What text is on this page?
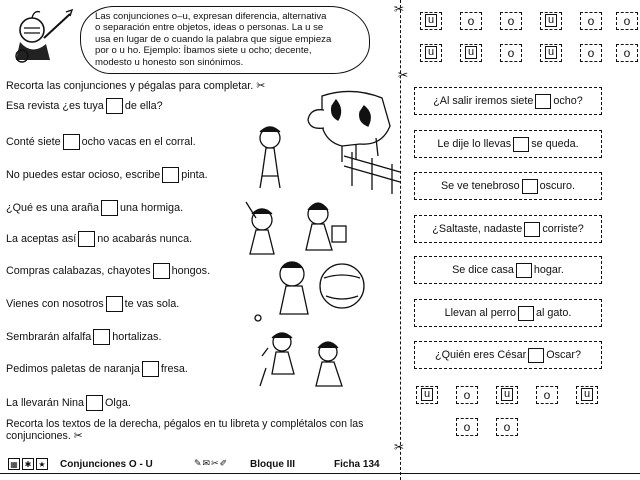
Las conjunciones o–u, expresan diferencia, alternativa
o separación entre objetos, ideas o personas. La u se
usa en lugar de o cuando la palabra que sigue empieza
por o u ho. Ejemplo: Íbamos siete u ocho; decente,
modesto u honesto son sinónimos.
Recorta las conjunciones y pégalas para completar. ✂
Esa revista ¿es tuya de ella?
Conté siete ocho vacas en el corral.
No puedes estar ocioso, escribe pinta.
¿Qué es una araña una hormiga.
La aceptas así no acabarás nunca.
Compras calabazas, chayotes hongos.
Vienes con nosotros te vas sola.
Sembrarán alfalfa hortalizas.
Pedimos paletas de naranja fresa.
La llevarán Nina Olga.
Recorta los textos de la derecha, pégalos en tu libreta y complétalos con las conjunciones. ✂
▦ ✱ ★	Conjunciones O - U	✎✉✂✐ Bloque III	Ficha 134
✂
✂
u	o	o	u	o	o
u	u	o	u	o	o
✂
¿Al salir iremos siete ocho?
Le dije lo llevas se queda.
Se ve tenebroso oscuro.
¿Saltaste, nadaste corriste?
Se dice casa hogar.
Llevan al perro al gato.
¿Quién eres César Oscar?
u	o	u	o	u
o	o
